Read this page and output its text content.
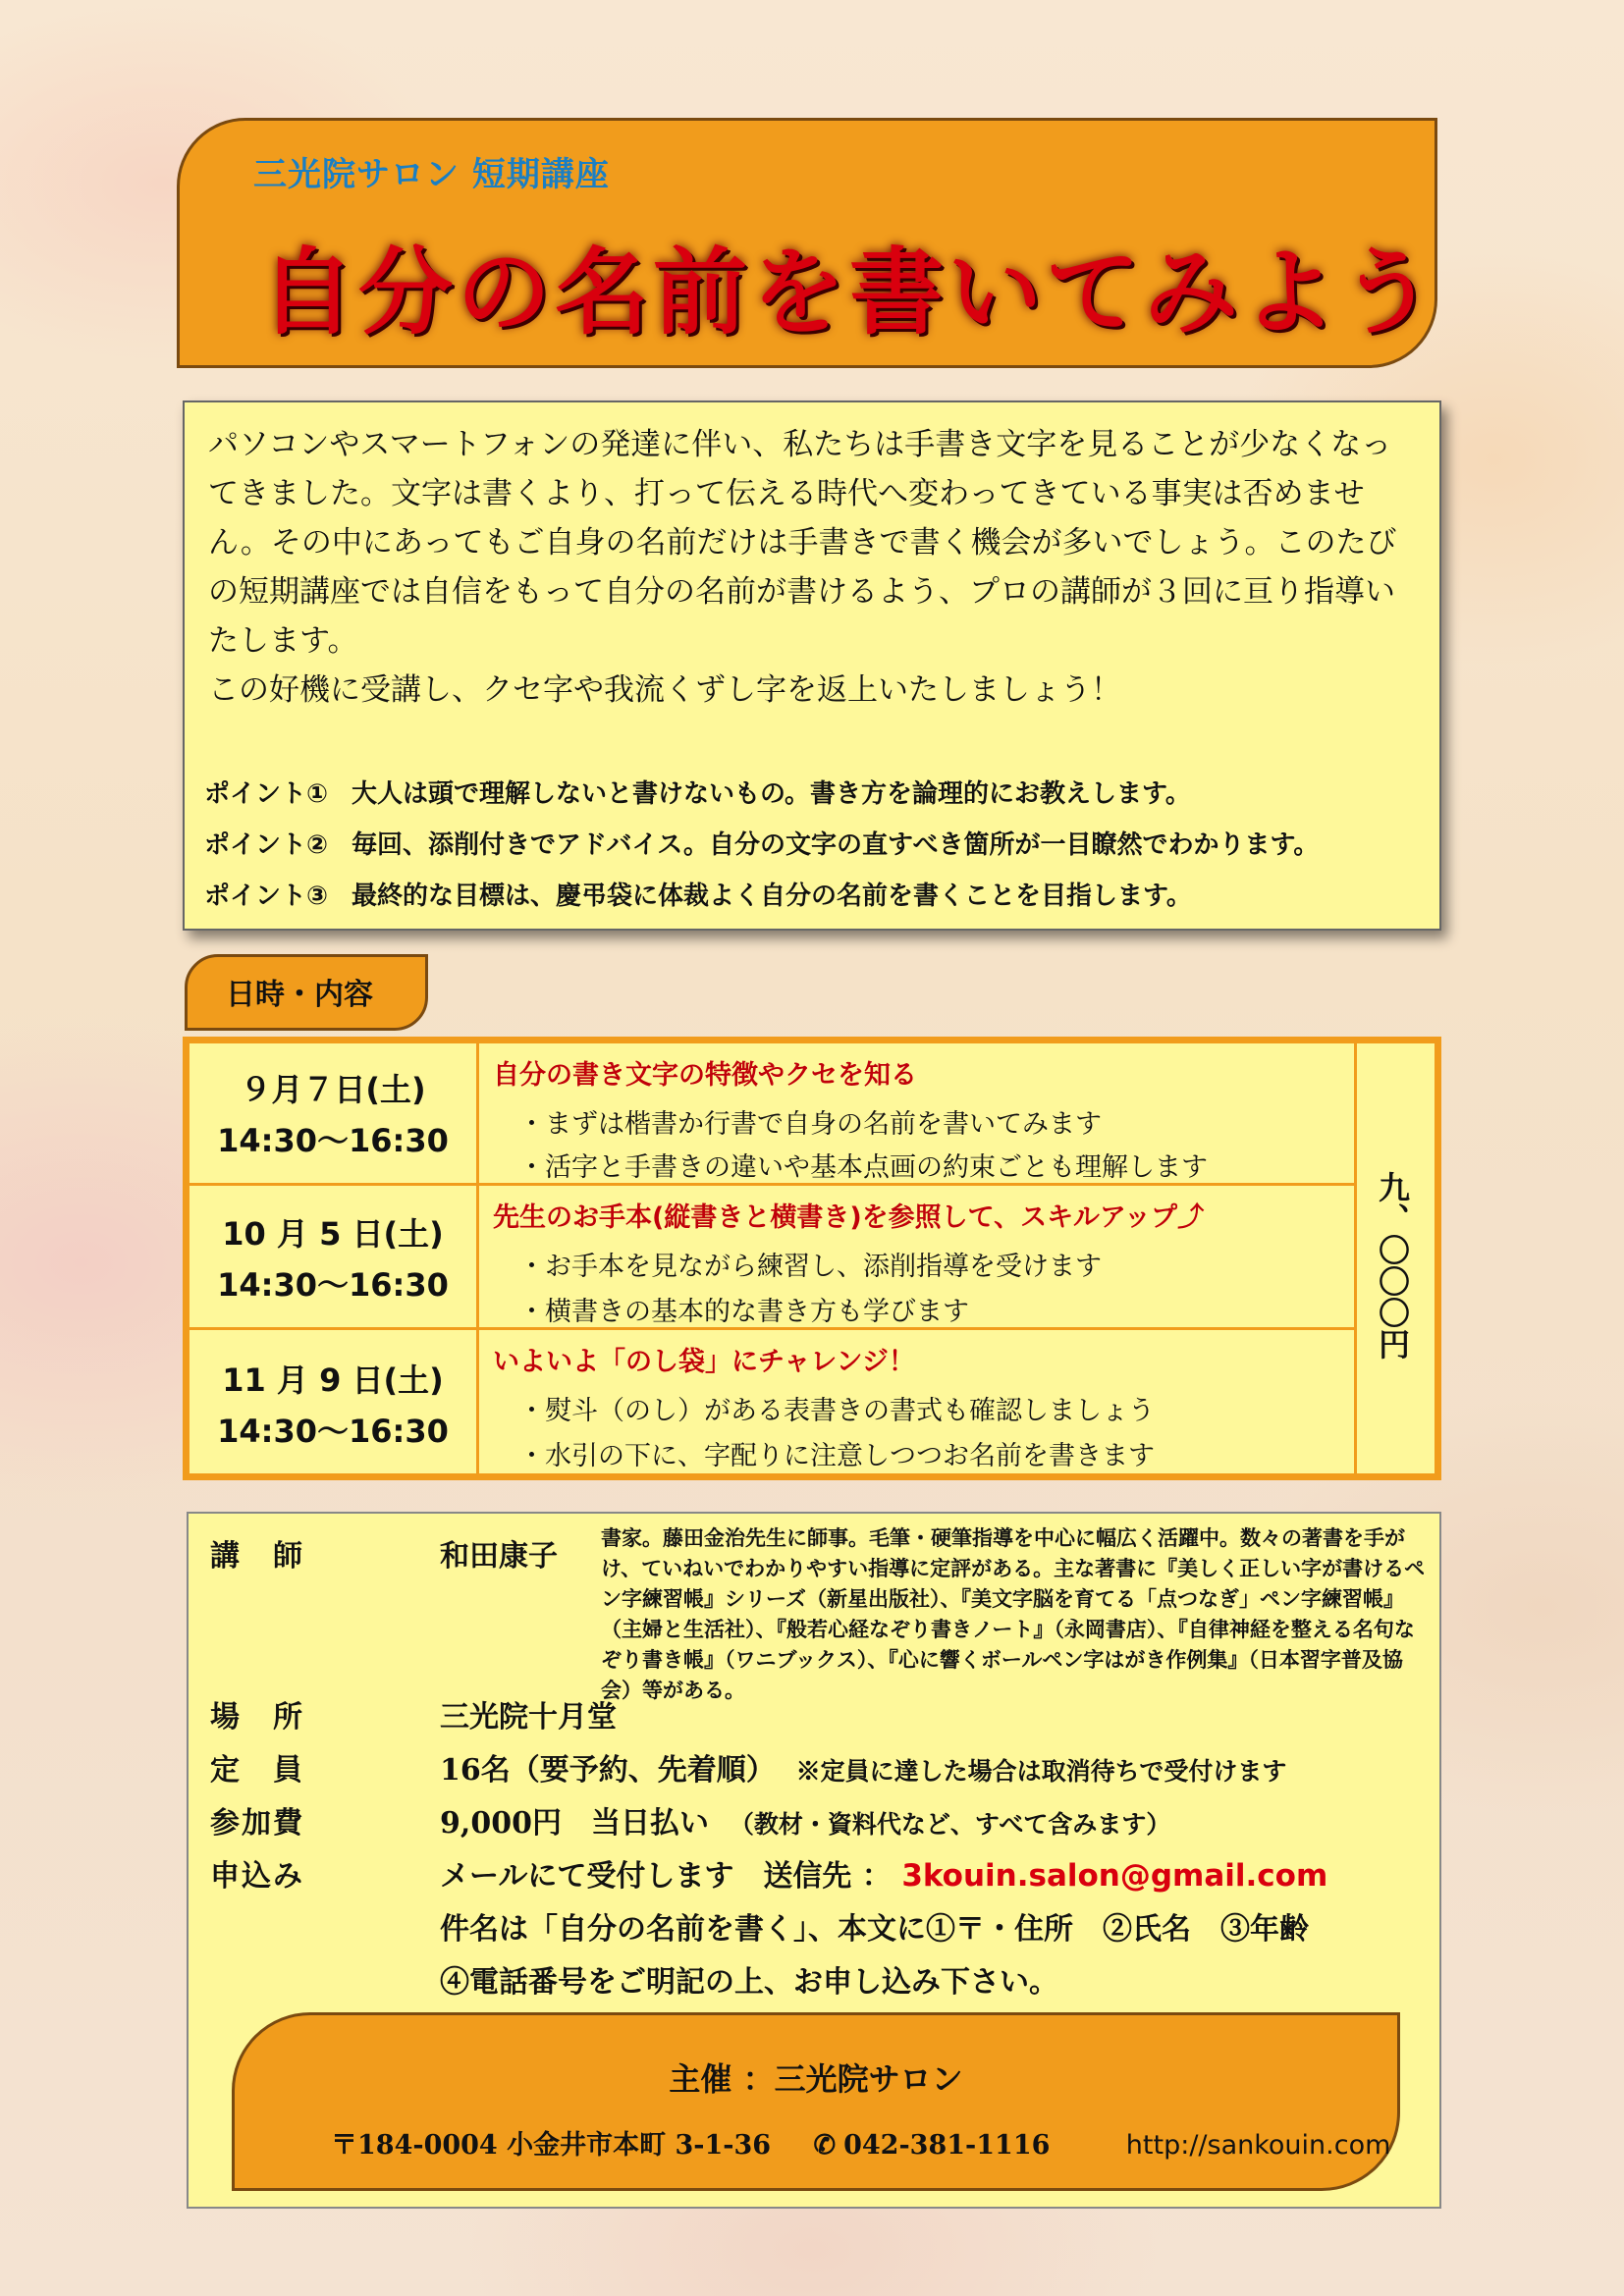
三光院サロン 短期講座
自分の名前を書いてみよう

パソコンやスマートフォンの発達に伴い、私たちは手書き文字を見ることが少なくなってきました。文字は書くより、打って伝える時代へ変わってきている事実は否めません。その中にあってもご自身の名前だけは手書きで書く機会が多いでしょう。このたびの短期講座では自信をもって自分の名前が書けるよう、プロの講師が３回に亘り指導いたします。
この好機に受講し、クセ字や我流くずし字を返上いたしましょう！

ポイント① 大人は頭で理解しないと書けないもの。書き方を論理的にお教えします。
ポイント② 毎回、添削付きでアドバイス。自分の文字の直すべき箇所が一目瞭然でわかります。
ポイント③ 最終的な目標は、慶弔袋に体裁よく自分の名前を書くことを目指します。
日時・内容
９月７日(土)
14:30～16:30
自分の書き文字の特徴やクセを知る
・まずは楷書か行書で自身の名前を書いてみます
・活字と手書きの違いや基本点画の約束ごとも理解します
10 月 5 日(土)
14:30～16:30
先生のお手本(縦書きと横書き)を参照して、スキルアップ⤴
・お手本を見ながら練習し、添削指導を受けます
・横書きの基本的な書き方も学びます
11 月 9 日(土)
14:30～16:30
いよいよ「のし袋」にチャレンジ！
・熨斗（のし）がある表書きの書式も確認しましょう
・水引の下に、字配りに注意しつつお名前を書きます
九、〇〇〇円
講　師	和田康子
書家。藤田金治先生に師事。毛筆・硬筆指導を中心に幅広く活躍中。数々の著書を手がけ、ていねいでわかりやすい指導に定評がある。主な著書に『美しく正しい字が書けるペン字練習帳』シリーズ（新星出版社）、『美文字脳を育てる「点つなぎ」ペン字練習帳』（主婦と生活社）、『般若心経なぞり書きノート』（永岡書店）、『自律神経を整える名句なぞり書き帳』（ワニブックス）、『心に響くボールペン字はがき作例集』（日本習字普及協会）等がある。
場　所	三光院十月堂
定　員	16名（要予約、先着順） ※定員に達した場合は取消待ちで受付けます
参加費	9,000円　当日払い （教材・資料代など、すべて含みます）
申込み	メールにて受付します　送信先 ： 3kouin.salon@gmail.com
件名は「自分の名前を書く」、本文に①〒・住所　②氏名　③年齢
④電話番号をご明記の上、お申し込み下さい。
主催 ：三光院サロン
〒184-0004 小金井市本町 3-1-36 ✆ 042-381-1116	http://sankouin.com
